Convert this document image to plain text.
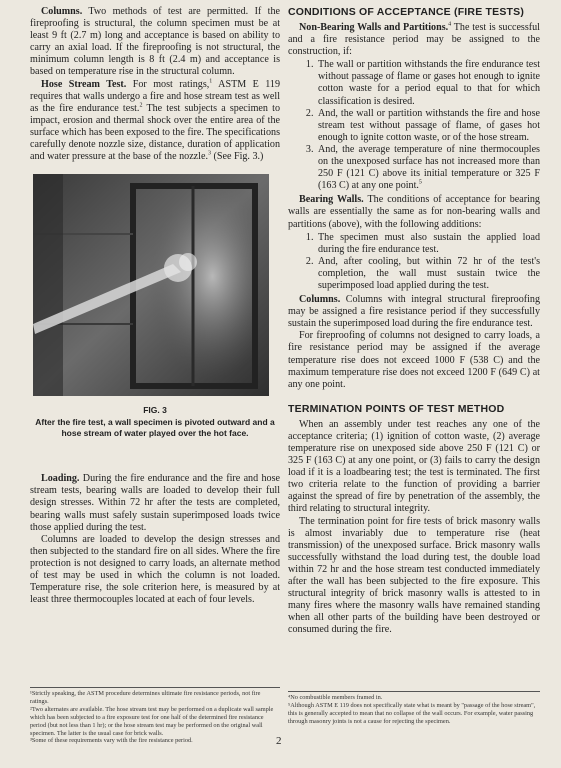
Columns. Two methods of test are permitted. If the fireproofing is structural, the column specimen must be at least 9 ft (2.7 m) long and acceptance is based on ability to carry an axial load. If the fireproofing is not structural, the minimum column length is 8 ft (2.4 m) and acceptance is based on temperature rise in the structural column.

Hose Stream Test. For most ratings,$^1$ ASTM E 119 requires that walls undergo a fire and hose stream test as well as the fire endurance test.$^2$ The test subjects a specimen to impact, erosion and thermal shock over the entire area of the surface which has been exposed to the fire. The specifications carefully denote nozzle size, distance, duration of application and water pressure at the base of the nozzle.$^3$ (See Fig. 3.)

FIG. 3
After the fire test, a wall specimen is pivoted outward and a hose stream of water played over the hot face.

Loading. During the fire endurance and the fire and hose stream tests, bearing walls are loaded to develop their full design stresses. Within 72 hr after the tests are completed, bearing walls must safely sustain superimposed loads twice those applied during the test.

Columns are loaded to develop the design stresses and then subjected to the standard fire on all sides. Where the fire protection is not designed to carry loads, an alternate method of test may be used in which the column is not loaded. Temperature rise, the sole criterion here, is measured by at least three thermocouples located at each of four levels.

¹Strictly speaking, the ASTM procedure determines ultimate fire resistance periods, not fire ratings.
²Two alternates are available. The hose stream test may be performed on a duplicate wall sample which has been subjected to a fire exposure test for one half of the determined fire resistance period (but not less than 1 hr); or the hose stream test may be performed on the original wall specimen. The latter is the usual case for brick walls.
³Some of these requirements vary with the fire resistance period.
CONDITIONS OF ACCEPTANCE (FIRE TESTS)

Non-Bearing Walls and Partitions.$^4$ The test is successful and a fire resistance period may be assigned to the construction, if:

1. The wall or partition withstands the fire endurance test without passage of flame or gases hot enough to ignite cotton waste for a period equal to that for which classification is desired.
2. And, the wall or partition withstands the fire and hose stream test without passage of flame, of gases hot enough to ignite cotton waste, or of the hose stream.
3. And, the average temperature of nine thermocouples on the unexposed surface has not increased more than 250 F (121 C) above its initial temperature or 325 F (163 C) at any one point.$^5$

Bearing Walls. The conditions of acceptance for bearing walls are essentially the same as for non-bearing walls and partitions (above), with the following additions:

1. The specimen must also sustain the applied load during the fire endurance test.
2. And, after cooling, but within 72 hr of the test's completion, the wall must sustain twice the superimposed load applied during the test.

Columns. Columns with integral structural fireproofing may be assigned a fire resistance period if they successfully sustain the superimposed load during the fire endurance test.

For fireproofing of columns not designed to carry loads, a fire resistance period may be assigned if the average temperature rise does not exceed 1000 F (538 C) and the maximum temperature rise does not exceed 1200 F (649 C) at any one point.

TERMINATION POINTS OF TEST METHOD

When an assembly under test reaches any one of the acceptance criteria; (1) ignition of cotton waste, (2) average temperature rise on unexposed side above 250 F (121 C) or 325 F (163 C) at any one point, or (3) fails to carry the design load if it is a loadbearing test; the test is terminated. The first two criteria relate to the function of providing a barrier against the spread of fire by penetration of the assembly, the third relating to structural integrity.

The termination point for fire tests of brick masonry walls is almost invariably due to temperature rise (heat transmission) of the unexposed surface. Brick masonry walls successfully withstand the load during test, the double load within 72 hr and the hose stream test conducted immediately after the wall has been subjected to the fire exposure. This structural integrity of brick masonry walls is attested to in many fires where the masonry walls have remained standing when all other parts of the building have been destroyed or consumed during the fire.

⁴No combustible members framed in.
⁵Although ASTM E 119 does not specifically state what is meant by "passage of the hose stream", this is generally accepted to mean that no collapse of the wall occurs. For example, water passing through masonry joints is not a cause for rejecting the specimen.
2
